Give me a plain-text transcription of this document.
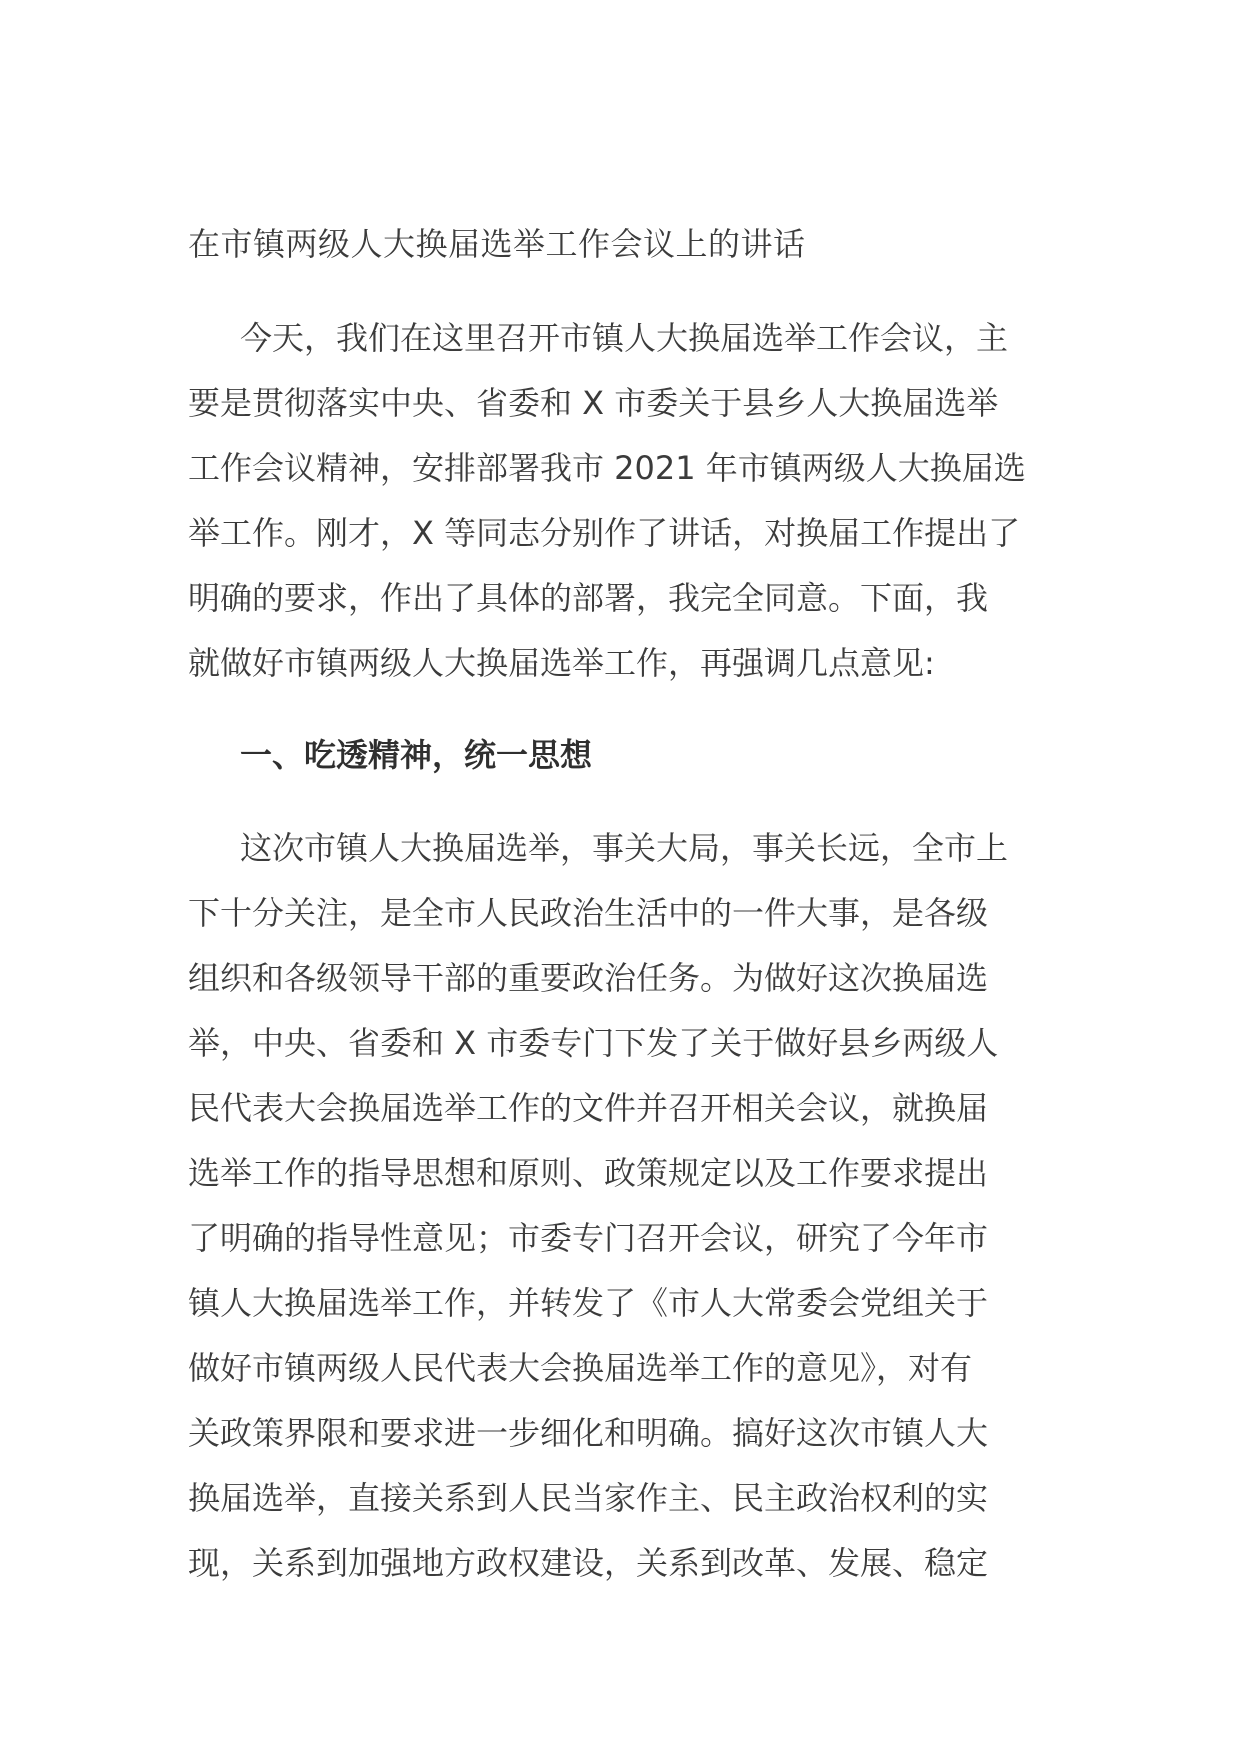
在市镇两级人大换届选举工作会议上的讲话
今天，我们在这里召开市镇人大换届选举工作会议，主
要是贯彻落实中央、省委和 X 市委关于县乡人大换届选举
工作会议精神，安排部署我市 2021 年市镇两级人大换届选
举工作。刚才，X 等同志分别作了讲话，对换届工作提出了
明确的要求，作出了具体的部署，我完全同意。下面，我
就做好市镇两级人大换届选举工作，再强调几点意见:
一、吃透精神，统一思想
这次市镇人大换届选举，事关大局，事关长远，全市上
下十分关注，是全市人民政治生活中的一件大事，是各级
组织和各级领导干部的重要政治任务。为做好这次换届选
举，中央、省委和 X 市委专门下发了关于做好县乡两级人
民代表大会换届选举工作的文件并召开相关会议，就换届
选举工作的指导思想和原则、政策规定以及工作要求提出
了明确的指导性意见；市委专门召开会议，研究了今年市
镇人大换届选举工作，并转发了《市人大常委会党组关于
做好市镇两级人民代表大会换届选举工作的意见》，对有
关政策界限和要求进一步细化和明确。搞好这次市镇人大
换届选举，直接关系到人民当家作主、民主政治权利的实
现，关系到加强地方政权建设，关系到改革、发展、稳定
